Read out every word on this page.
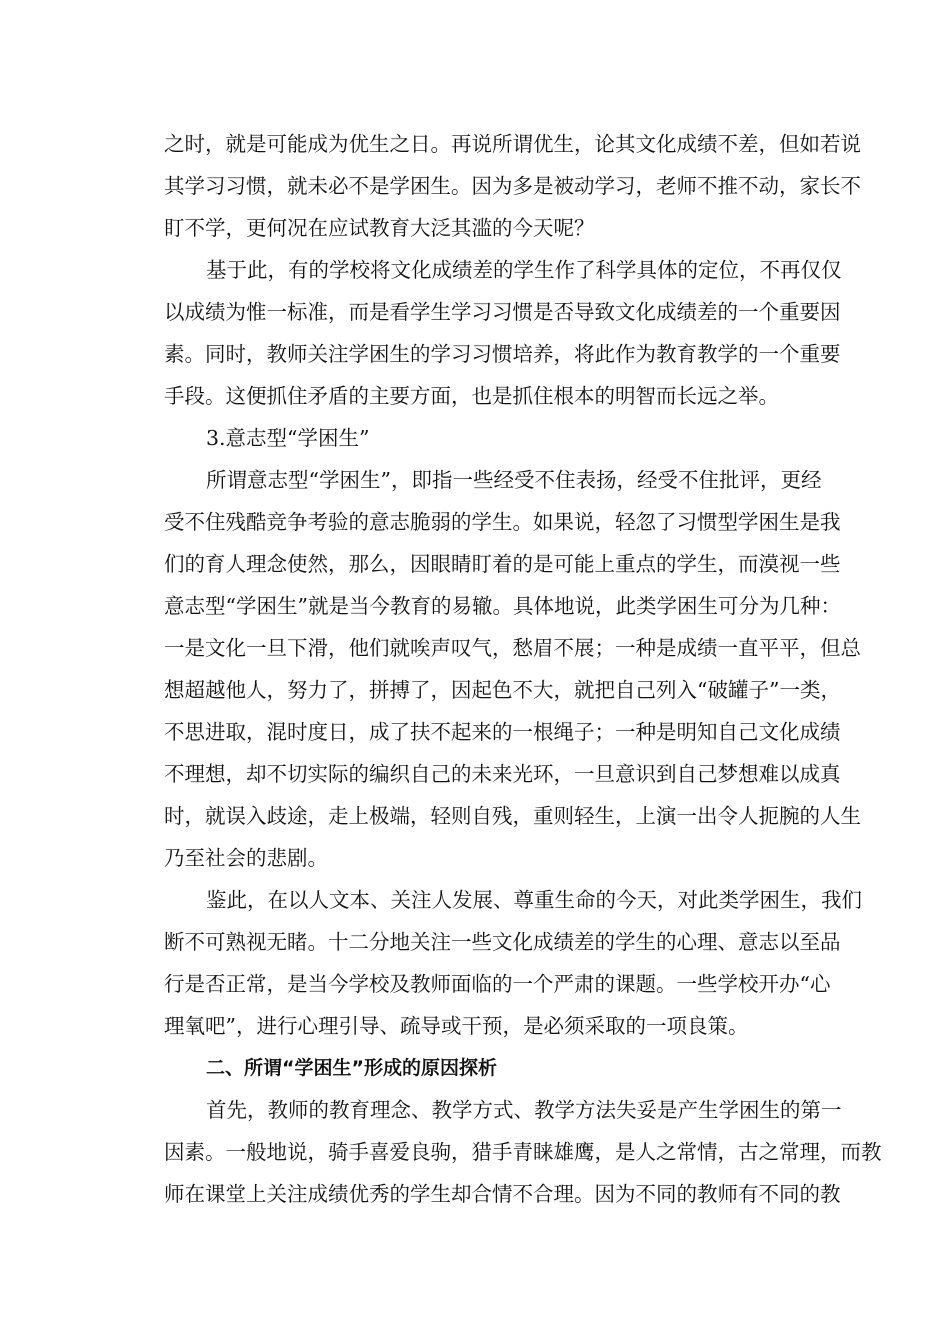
之时，就是可能成为优生之日。再说所谓优生，论其文化成绩不差，但如若说
其学习习惯，就未必不是学困生。因为多是被动学习，老师不推不动，家长不
盯不学，更何况在应试教育大泛其滥的今天呢？
基于此，有的学校将文化成绩差的学生作了科学具体的定位，不再仅仅
以成绩为惟一标准，而是看学生学习习惯是否导致文化成绩差的一个重要因
素。同时，教师关注学困生的学习习惯培养，将此作为教育教学的一个重要
手段。这便抓住矛盾的主要方面，也是抓住根本的明智而长远之举。
3.意志型“学困生”
所谓意志型“学困生”，即指一些经受不住表扬，经受不住批评，更经
受不住残酷竞争考验的意志脆弱的学生。如果说，轻忽了习惯型学困生是我
们的育人理念使然，那么，因眼睛盯着的是可能上重点的学生，而漠视一些
意志型“学困生”就是当今教育的易辙。具体地说，此类学困生可分为几种：
一是文化一旦下滑，他们就唉声叹气，愁眉不展；一种是成绩一直平平，但总
想超越他人，努力了，拼搏了，因起色不大，就把自己列入“破罐子”一类，
不思进取，混时度日，成了扶不起来的一根绳子；一种是明知自己文化成绩
不理想，却不切实际的编织自己的未来光环，一旦意识到自己梦想难以成真
时，就误入歧途，走上极端，轻则自残，重则轻生，上演一出令人扼腕的人生
乃至社会的悲剧。
鉴此，在以人文本、关注人发展、尊重生命的今天，对此类学困生，我们
断不可熟视无睹。十二分地关注一些文化成绩差的学生的心理、意志以至品
行是否正常，是当今学校及教师面临的一个严肃的课题。一些学校开办“心
理氧吧”，进行心理引导、疏导或干预，是必须采取的一项良策。
二、所谓“学困生”形成的原因探析
首先，教师的教育理念、教学方式、教学方法失妥是产生学困生的第一
因素。一般地说，骑手喜爱良驹，猎手青睐雄鹰，是人之常情，古之常理，而教
师在课堂上关注成绩优秀的学生却合情不合理。因为不同的教师有不同的教
